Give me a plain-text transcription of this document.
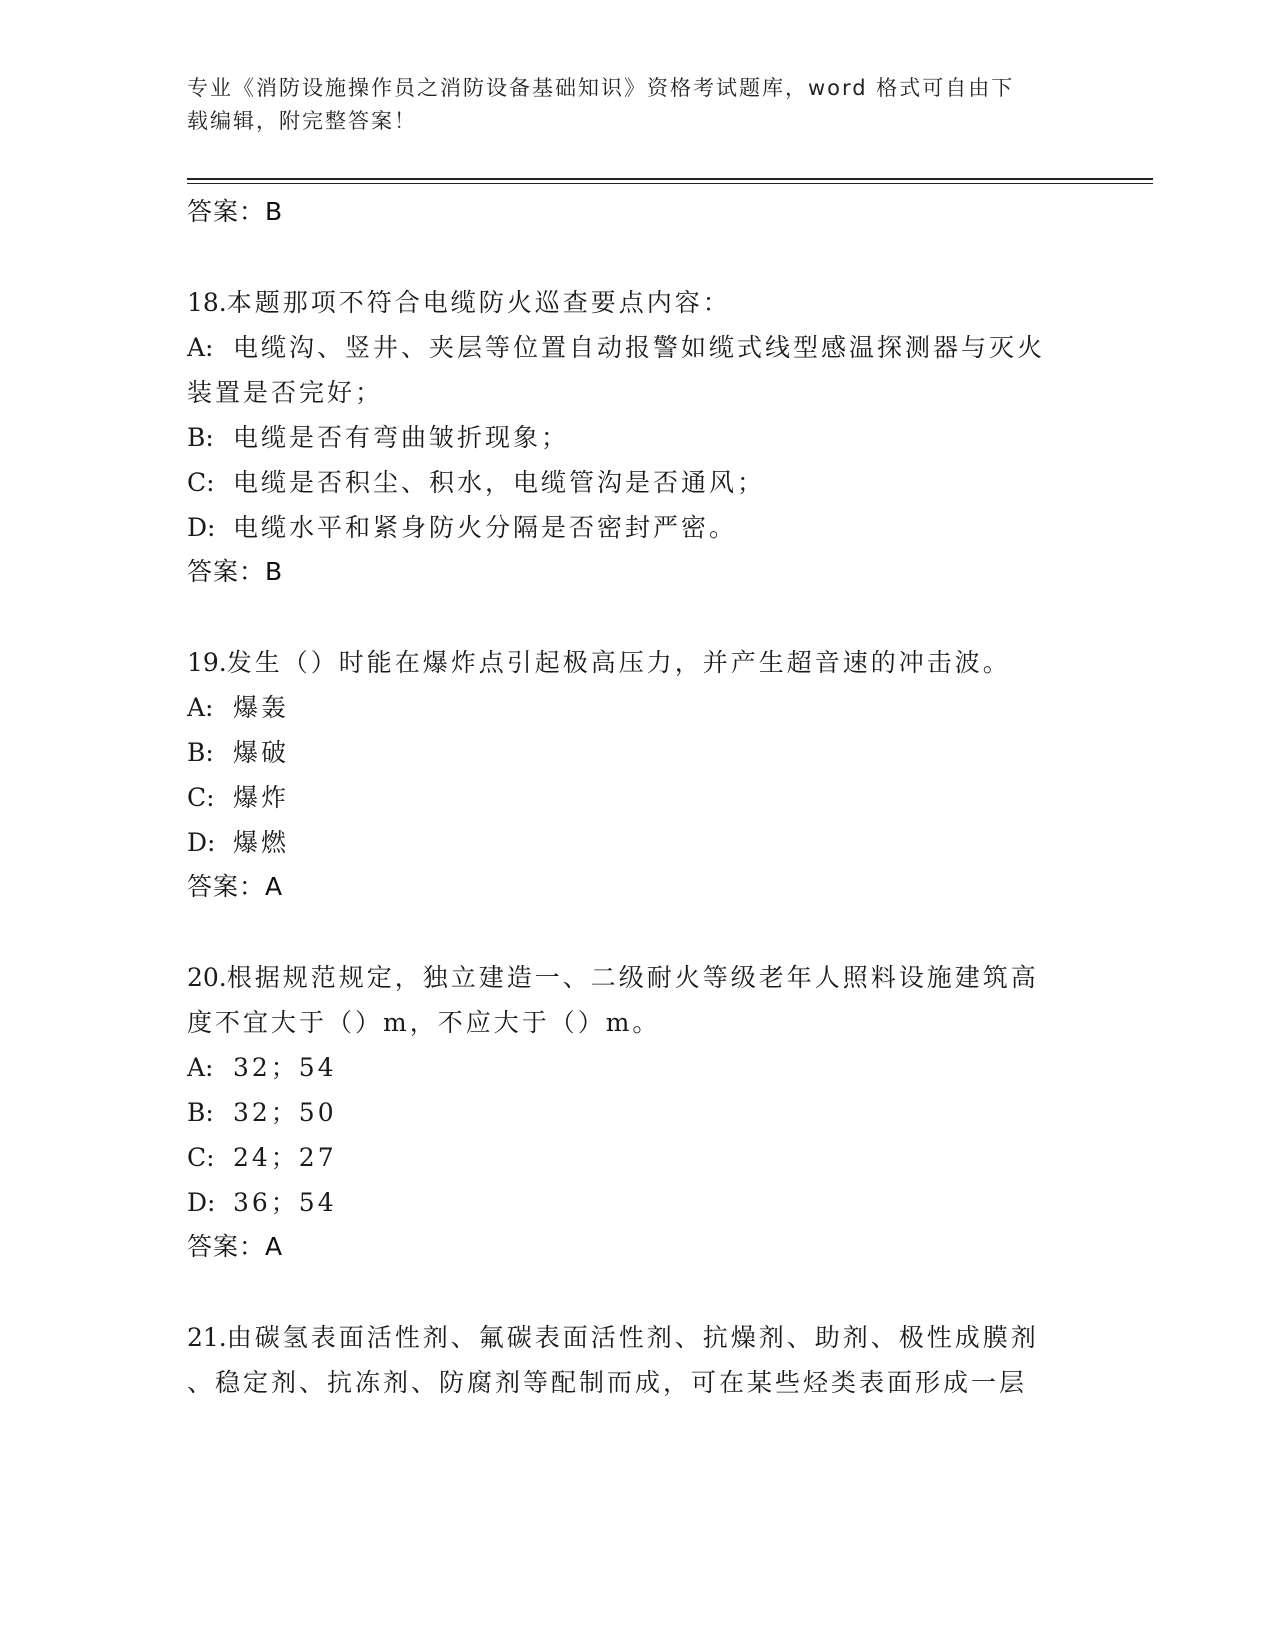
专业《消防设施操作员之消防设备基础知识》资格考试题库，word 格式可自由下
载编辑，附完整答案！
答案：B
18.本题那项不符合电缆防火巡查要点内容：
A: 电缆沟、竖井、夹层等位置自动报警如缆式线型感温探测器与灭火
装置是否完好；
B: 电缆是否有弯曲皱折现象；
C: 电缆是否积尘、积水，电缆管沟是否通风；
D: 电缆水平和紧身防火分隔是否密封严密。
答案：B
19.发生（）时能在爆炸点引起极高压力，并产生超音速的冲击波。
A: 爆轰
B: 爆破
C: 爆炸
D: 爆燃
答案：A
20.根据规范规定，独立建造一、二级耐火等级老年人照料设施建筑高
度不宜大于（）m，不应大于（）m。
A: 32；54
B: 32；50
C: 24；27
D: 36；54
答案：A
21.由碳氢表面活性剂、氟碳表面活性剂、抗燥剂、助剂、极性成膜剂
、稳定剂、抗冻剂、防腐剂等配制而成，可在某些烃类表面形成一层
